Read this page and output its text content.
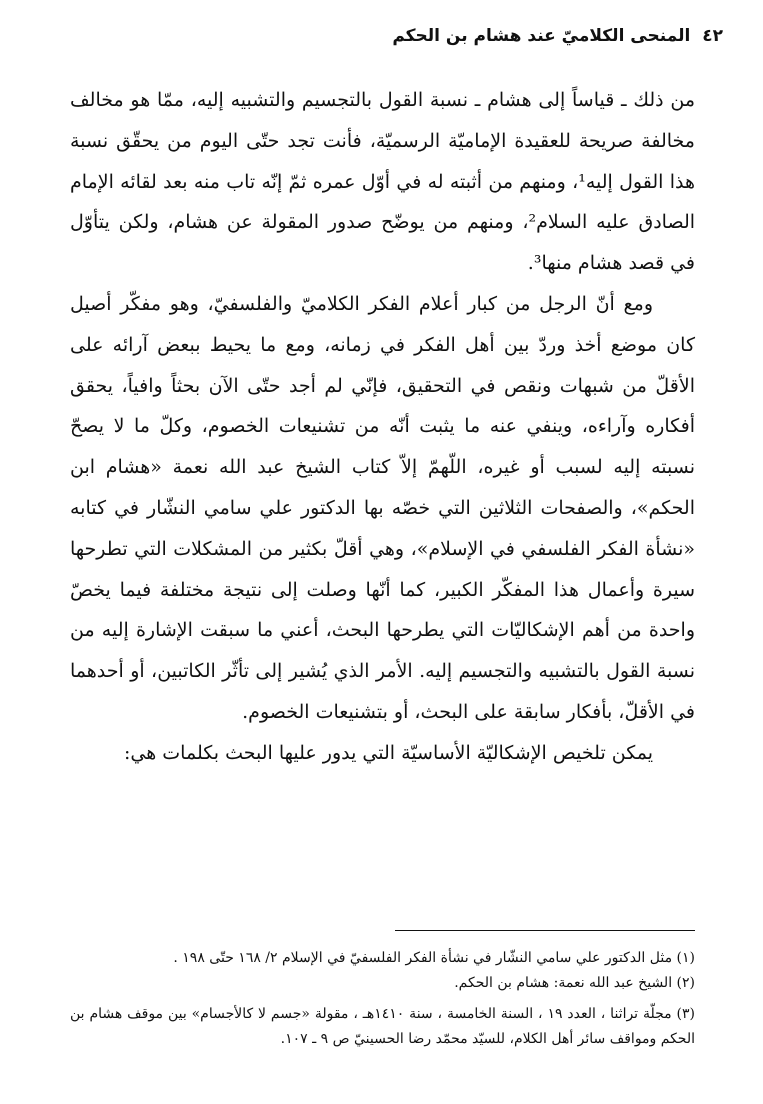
٤٢ المنحى الكلاميّ عند هشام بن الحكم

من ذلك ـ قياساً إلى هشام ـ نسبة القول بالتجسيم والتشبيه إليه، ممّا هو مخالف مخالفة صريحة للعقيدة الإماميّة الرسميّة، فأنت تجد حتّى اليوم من يحقّق نسبة هذا القول إليه¹، ومنهم من أثبته له في أوّل عمره ثمّ إنّه تاب منه بعد لقائه الإمام الصادق عليه السلام²، ومنهم من يوضّح صدور المقولة عن هشام، ولكن يتأوّل في قصد هشام منها³.

ومع أنّ الرجل من كبار أعلام الفكر الكلاميّ والفلسفيّ، وهو مفكّر أصيل كان موضع أخذ وردّ بين أهل الفكر في زمانه، ومع ما يحيط ببعض آرائه على الأقلّ من شبهات ونقص في التحقيق، فإنّي لم أجد حتّى الآن بحثاً وافياً، يحقق أفكاره وآراءه، وينفي عنه ما يثبت أنّه من تشنيعات الخصوم، وكلّ ما لا يصحّ نسبته إليه لسبب أو غيره، اللّهمّ إلاّ كتاب الشيخ عبد الله نعمة «هشام ابن الحكم»، والصفحات الثلاثين التي خصّه بها الدكتور علي سامي النشّار في كتابه «نشأة الفكر الفلسفي في الإسلام»، وهي أقلّ بكثير من المشكلات التي تطرحها سيرة وأعمال هذا المفكّر الكبير، كما أنّها وصلت إلى نتيجة مختلفة فيما يخصّ واحدة من أهم الإشكاليّات التي يطرحها البحث، أعني ما سبقت الإشارة إليه من نسبة القول بالتشبيه والتجسيم إليه. الأمر الذي يُشير إلى تأثّر الكاتبين، أو أحدهما في الأقلّ، بأفكار سابقة على البحث، أو بتشنيعات الخصوم.

يمكن تلخيص الإشكاليّة الأساسيّة التي يدور عليها البحث بكلمات هي:

(١) مثل الدكتور علي سامي النشّار في نشأة الفكر الفلسفيّ في الإسلام ٢/ ١٦٨ حتّى ١٩٨ .

(٢) الشيخ عبد الله نعمة: هشام بن الحكم.

(٣) مجلّة تراثنا ، العدد ١٩ ، السنة الخامسة ، سنة ١٤١٠هـ ، مقولة «جسم لا كالأجسام» بين موقف هشام بن الحكم ومواقف سائر أهل الكلام، للسيّد محمّد رضا الحسينيّ ص ٩ ـ ١٠٧.
